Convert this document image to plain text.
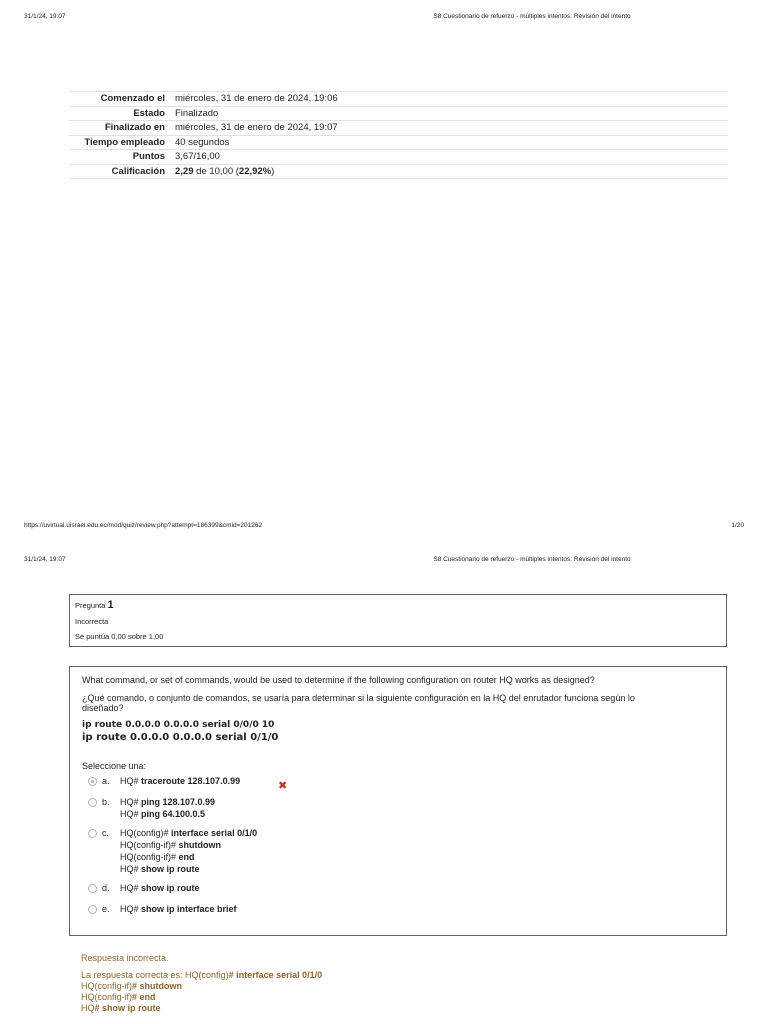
31/1/24, 19:07	S8 Cuestionario de refuerzo - múltiples intentos: Revisión del intento
Comenzado el	miércoles, 31 de enero de 2024, 19:06
Estado	Finalizado
Finalizado en	miércoles, 31 de enero de 2024, 19:07
Tiempo empleado	40 segundos
Puntos	3,67/16,00
Calificación	2,29 de 10,00 (22,92%)
https://uvirtual.uisrael.edu.ec/mod/quiz/review.php?attempt=186399&cmid=201262	1/20
31/1/24, 19:07	S8 Cuestionario de refuerzo - múltiples intentos: Revisión del intento
Pregunta 1
Incorrecta
Se puntúa 0,00 sobre 1,00
What command, or set of commands, would be used to determine if the following configuration on router HQ works as designed?
¿Qué comando, o conjunto de comandos, se usaría para determinar si la siguiente configuración en la HQ del enrutador funciona según lo
diseñado?
ip route 0.0.0.0 0.0.0.0 serial 0/0/0 10
ip route 0.0.0.0 0.0.0.0 serial 0/1/0
Seleccione una:
a. HQ# traceroute 128.107.0.99	✖
b. HQ# ping 128.107.0.99
HQ# ping 64.100.0.5
c. HQ(config)# interface serial 0/1/0
HQ(config-if)# shutdown
HQ(config-if)# end
HQ# show ip route
d. HQ# show ip route
e. HQ# show ip interface brief
Respuesta incorrecta.
La respuesta correcta es: HQ(config)# interface serial 0/1/0
HQ(config-if)# shutdown
HQ(config-if)# end
HQ# show ip route
